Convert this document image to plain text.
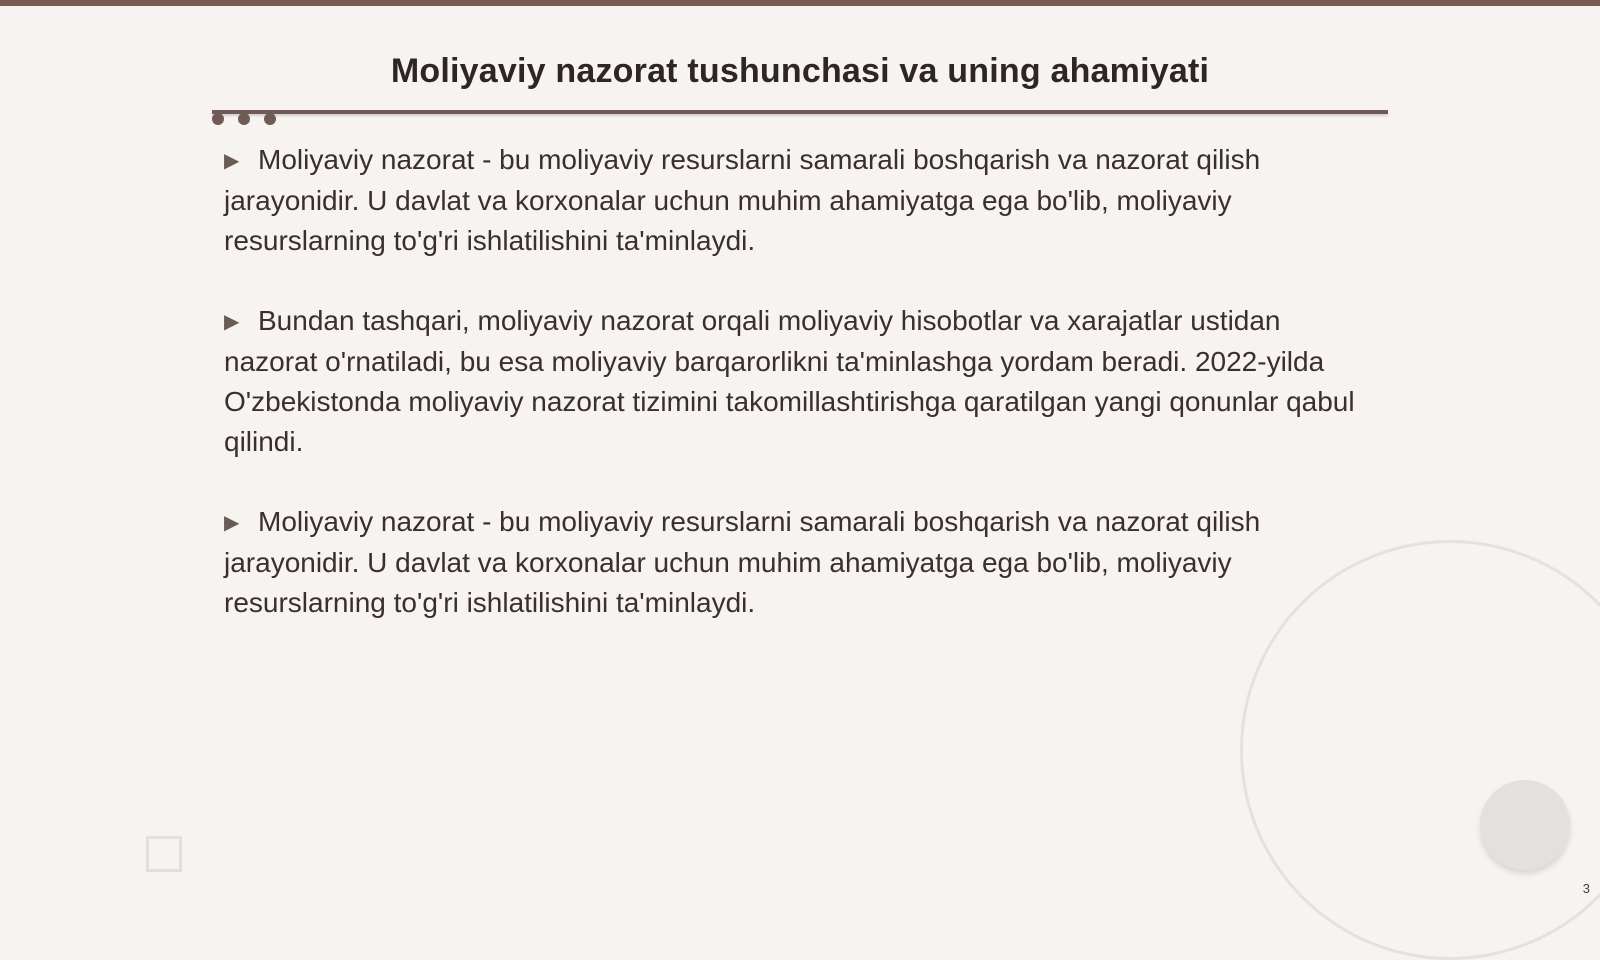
Moliyaviy nazorat tushunchasi va uning ahamiyati

▶ Moliyaviy nazorat - bu moliyaviy resurslarni samarali boshqarish va nazorat qilish jarayonidir. U davlat va korxonalar uchun muhim ahamiyatga ega bo'lib, moliyaviy resurslarning to'g'ri ishlatilishini ta'minlaydi.

▶ Bundan tashqari, moliyaviy nazorat orqali moliyaviy hisobotlar va xarajatlar ustidan nazorat o'rnatiladi, bu esa moliyaviy barqarorlikni ta'minlashga yordam beradi. 2022-yilda O'zbekistonda moliyaviy nazorat tizimini takomillashtirishga qaratilgan yangi qonunlar qabul qilindi.

▶ Moliyaviy nazorat - bu moliyaviy resurslarni samarali boshqarish va nazorat qilish jarayonidir. U davlat va korxonalar uchun muhim ahamiyatga ega bo'lib, moliyaviy resurslarning to'g'ri ishlatilishini ta'minlaydi.

3
